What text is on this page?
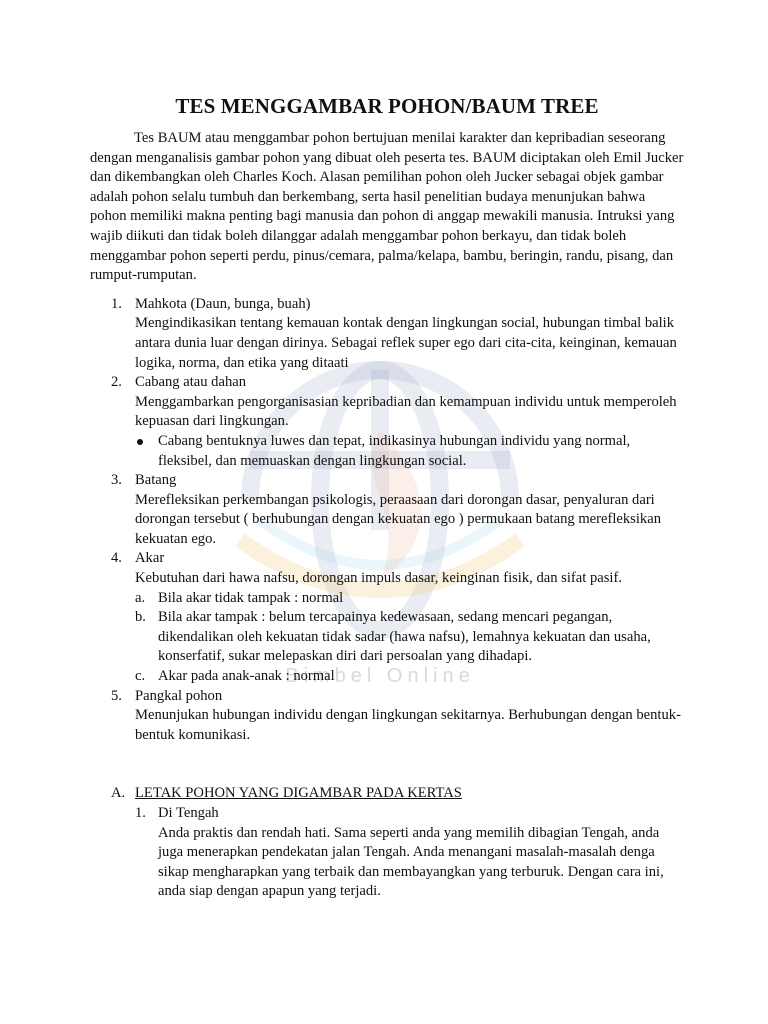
Bimbel Online
TES MENGGAMBAR POHON/BAUM TREE

Tes BAUM atau menggambar pohon bertujuan menilai karakter dan kepribadian seseorang dengan menganalisis gambar pohon yang dibuat oleh peserta tes. BAUM diciptakan oleh Emil Jucker dan dikembangkan oleh Charles Koch. Alasan pemilihan pohon oleh Jucker sebagai objek gambar adalah pohon selalu tumbuh dan berkembang, serta hasil penelitian budaya menunjukan bahwa pohon memiliki makna penting bagi manusia dan pohon di anggap mewakili manusia. Intruksi yang wajib diikuti dan tidak boleh dilanggar adalah menggambar pohon berkayu, dan tidak boleh menggambar pohon seperti perdu, pinus/cemara, palma/kelapa, bambu, beringin, randu, pisang, dan rumput-rumputan.

1. Mahkota (Daun, bunga, buah)
Mengindikasikan tentang kemauan kontak dengan lingkungan social, hubungan timbal balik antara dunia luar dengan dirinya. Sebagai reflek super ego dari cita-cita, keinginan, kemauan logika, norma, dan etika yang ditaati
2. Cabang atau dahan
Menggambarkan pengorganisasian kepribadian dan kemampuan individu untuk memperoleh kepuasan dari lingkungan.
Cabang bentuknya luwes dan tepat, indikasinya hubungan individu yang normal, fleksibel, dan memuaskan dengan lingkungan social.
3. Batang
Merefleksikan perkembangan psikologis, peraasaan dari dorongan dasar, penyaluran dari dorongan tersebut ( berhubungan dengan kekuatan ego ) permukaan batang merefleksikan kekuatan ego.
4. Akar
Kebutuhan dari hawa nafsu, dorongan impuls dasar, keinginan fisik, dan sifat pasif.
a. Bila akar tidak tampak : normal
b. Bila akar tampak : belum tercapainya kedewasaan, sedang mencari pegangan, dikendalikan oleh kekuatan tidak sadar (hawa nafsu), lemahnya kekuatan dan usaha, konserfatif, sukar melepaskan diri dari persoalan yang dihadapi.
c. Akar pada anak-anak : normal
5. Pangkal pohon
Menunjukan hubungan individu dengan lingkungan sekitarnya. Berhubungan dengan bentuk-bentuk komunikasi.
A. LETAK POHON YANG DIGAMBAR PADA KERTAS
1. Di Tengah
Anda praktis dan rendah hati. Sama seperti anda yang memilih dibagian Tengah, anda juga menerapkan pendekatan jalan Tengah. Anda menangani masalah-masalah denga sikap mengharapkan yang terbaik dan membayangkan yang terburuk. Dengan cara ini, anda siap dengan apapun yang terjadi.
